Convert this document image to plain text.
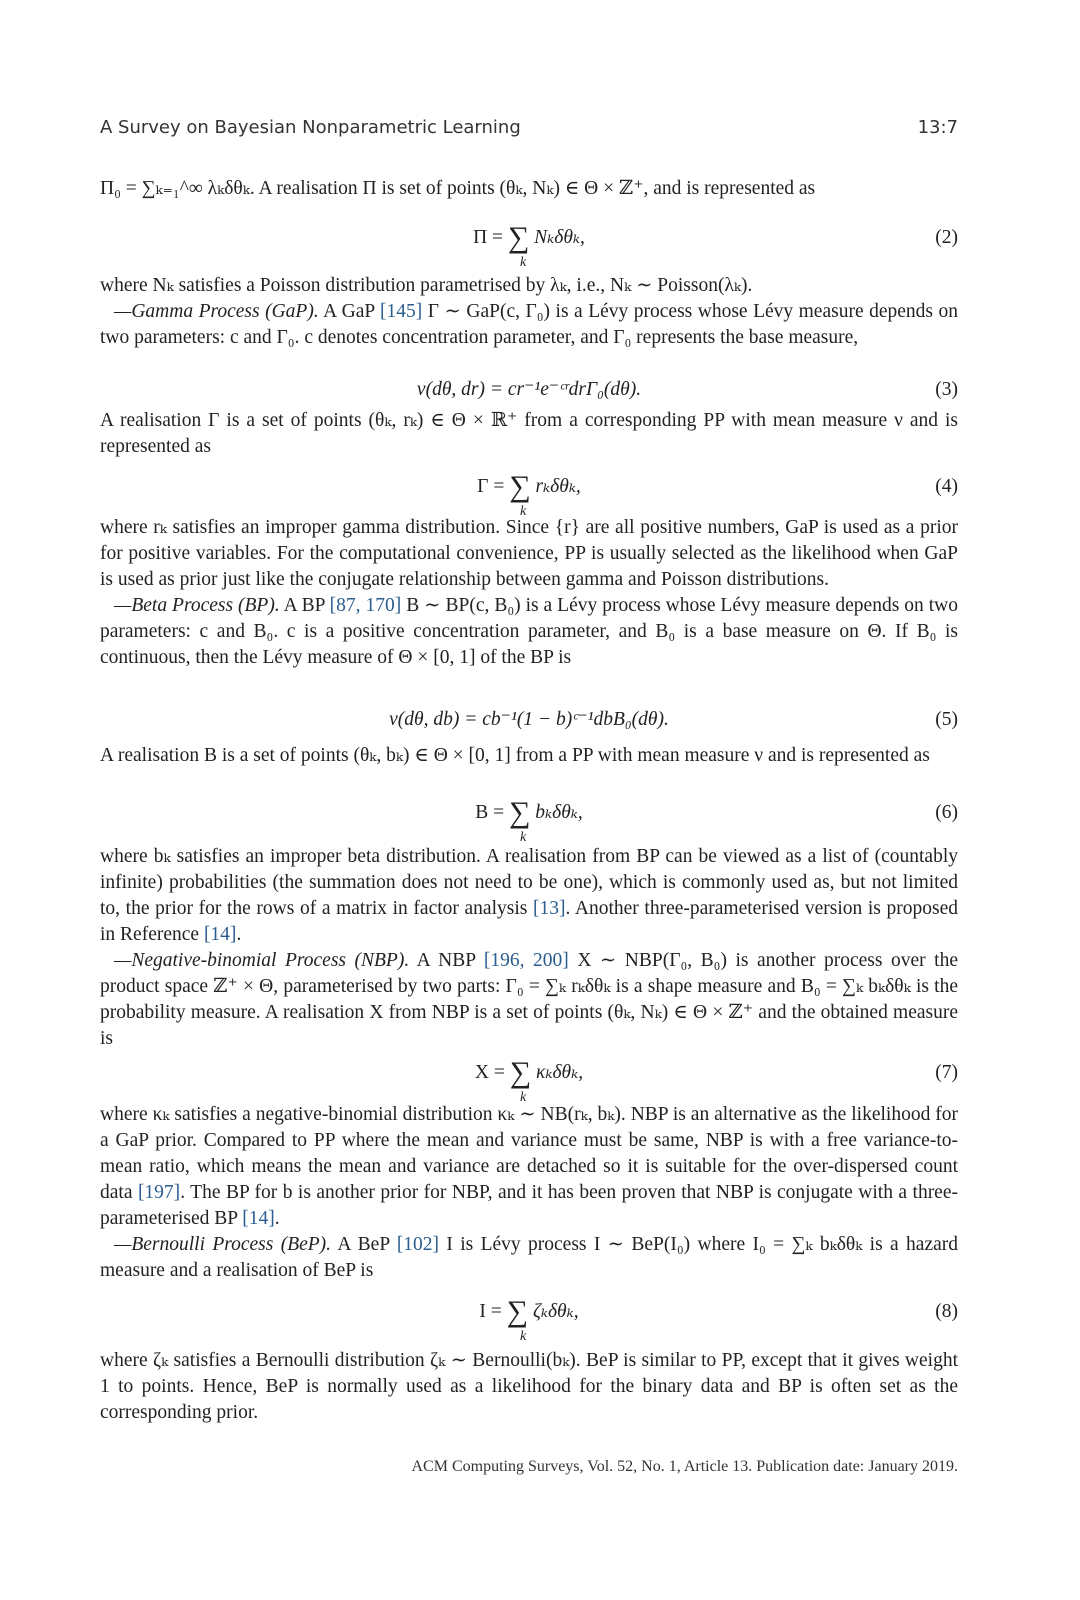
A Survey on Bayesian Nonparametric Learning	13:7
Π₀ = ∑ₖ₌₁^∞ λₖδθₖ. A realisation Π is set of points (θₖ, Nₖ) ∈ Θ × ℤ⁺, and is represented as
Π = ∑ Nₖδθₖ,
k
(2)
where Nₖ satisfies a Poisson distribution parametrised by λₖ, i.e., Nₖ ∼ Poisson(λₖ).
—Gamma Process (GaP). A GaP [145] Γ ∼ GaP(c, Γ₀) is a Lévy process whose Lévy measure depends on two parameters: c and Γ₀. c denotes concentration parameter, and Γ₀ represents the base measure,
ν(dθ, dr) = cr⁻¹e⁻ᶜʳdrΓ₀(dθ).	(3)
A realisation Γ is a set of points (θₖ, rₖ) ∈ Θ × ℝ⁺ from a corresponding PP with mean measure ν and is represented as
Γ = ∑ rₖδθₖ,
k
(4)
where rₖ satisfies an improper gamma distribution. Since {r} are all positive numbers, GaP is used as a prior for positive variables. For the computational convenience, PP is usually selected as the likelihood when GaP is used as prior just like the conjugate relationship between gamma and Poisson distributions.
—Beta Process (BP). A BP [87, 170] B ∼ BP(c, B₀) is a Lévy process whose Lévy measure depends on two parameters: c and B₀. c is a positive concentration parameter, and B₀ is a base measure on Θ. If B₀ is continuous, then the Lévy measure of Θ × [0, 1] of the BP is
ν(dθ, db) = cb⁻¹(1 − b)ᶜ⁻¹dbB₀(dθ).	(5)
A realisation B is a set of points (θₖ, bₖ) ∈ Θ × [0, 1] from a PP with mean measure ν and is represented as
B = ∑ bₖδθₖ,
k
(6)
where bₖ satisfies an improper beta distribution. A realisation from BP can be viewed as a list of (countably infinite) probabilities (the summation does not need to be one), which is commonly used as, but not limited to, the prior for the rows of a matrix in factor analysis [13]. Another three-parameterised version is proposed in Reference [14].
—Negative-binomial Process (NBP). A NBP [196, 200] X ∼ NBP(Γ₀, B₀) is another process over the product space ℤ⁺ × Θ, parameterised by two parts: Γ₀ = ∑ₖ rₖδθₖ is a shape measure and B₀ = ∑ₖ bₖδθₖ is the probability measure. A realisation X from NBP is a set of points (θₖ, Nₖ) ∈ Θ × ℤ⁺ and the obtained measure is
X = ∑ κₖδθₖ,
k
(7)
where κₖ satisfies a negative-binomial distribution κₖ ∼ NB(rₖ, bₖ). NBP is an alternative as the likelihood for a GaP prior. Compared to PP where the mean and variance must be same, NBP is with a free variance-to-mean ratio, which means the mean and variance are detached so it is suitable for the over-dispersed count data [197]. The BP for b is another prior for NBP, and it has been proven that NBP is conjugate with a three-parameterised BP [14].
—Bernoulli Process (BeP). A BeP [102] I is Lévy process I ∼ BeP(I₀) where I₀ = ∑ₖ bₖδθₖ is a hazard measure and a realisation of BeP is
I = ∑ ζₖδθₖ,
k
(8)
where ζₖ satisfies a Bernoulli distribution ζₖ ∼ Bernoulli(bₖ). BeP is similar to PP, except that it gives weight 1 to points. Hence, BeP is normally used as a likelihood for the binary data and BP is often set as the corresponding prior.
ACM Computing Surveys, Vol. 52, No. 1, Article 13. Publication date: January 2019.
